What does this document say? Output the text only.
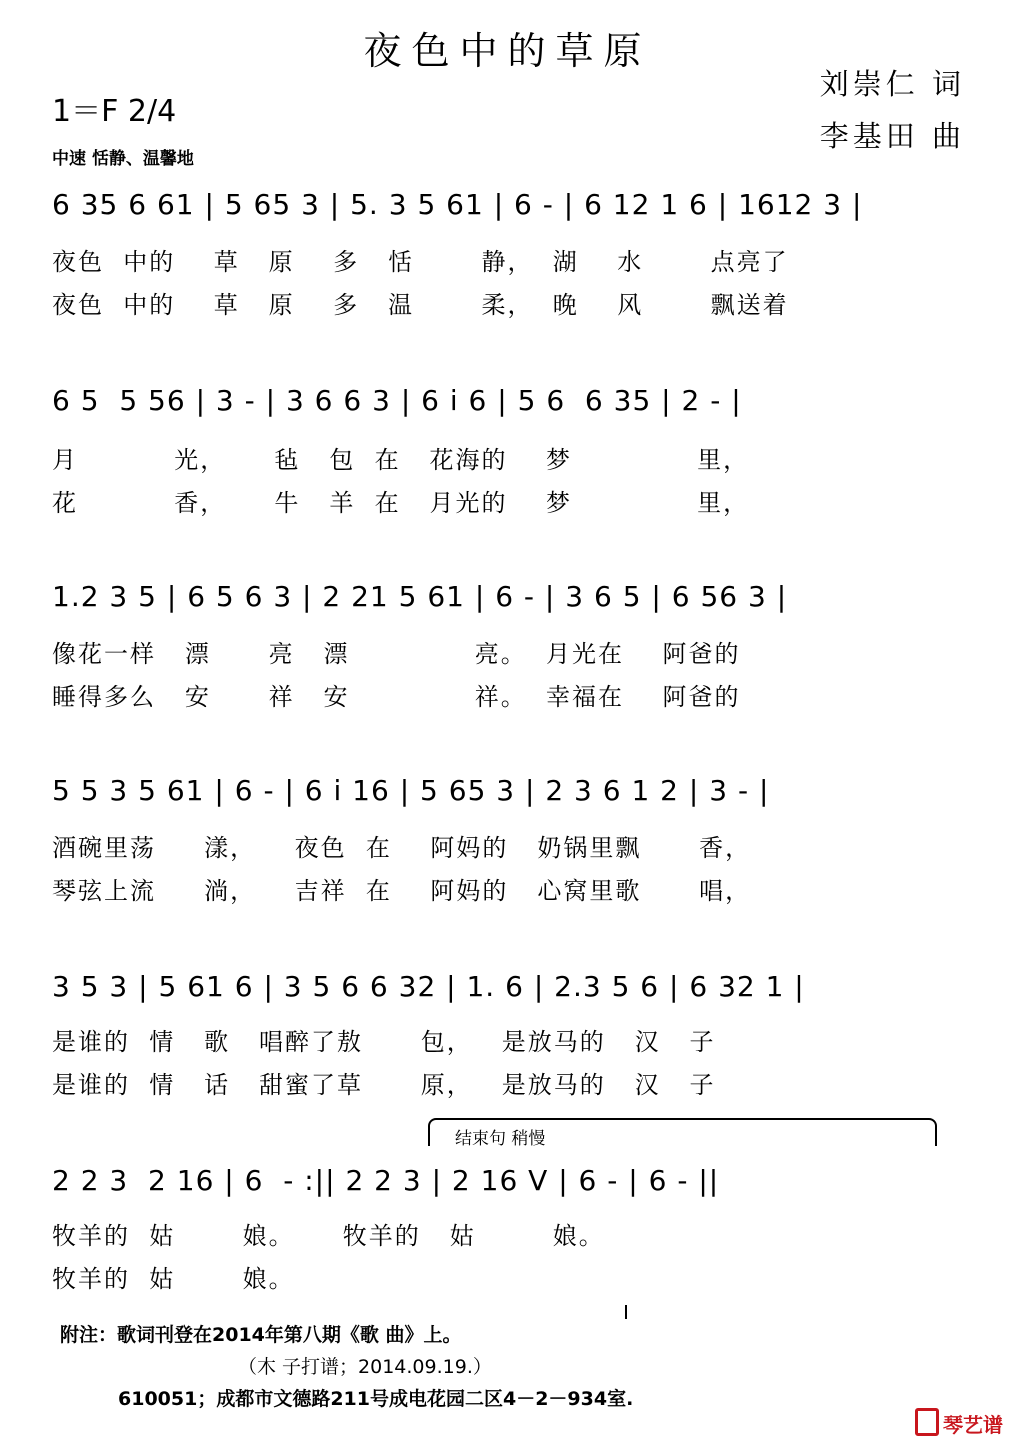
夜色中的草原
1＝F 2/4
中速 恬静、温馨地
刘崇仁 词
李基田 曲
6 35 6 61 | 5 65 3 | 5. 3 5 61 | 6 - | 6 12 1 6 | 1612 3 |
夜色  中的    草   原    多   恬       静，  湖    水       点亮了
夜色  中的    草   原    多   温       柔，  晚    风       飘送着
6 5  5 56 | 3 - | 3 6 6 3 | 6 i 6 | 5 6  6 35 | 2 - |
月          光，     毡   包  在   花海的    梦             里，
花          香，     牛   羊  在   月光的    梦             里，
1.2 3 5 | 6 5 6 3 | 2 21 5 61 | 6 - | 3 6 5 | 6 56 3 |
像花一样   漂      亮   漂             亮。  月光在    阿爸的
睡得多么   安      祥   安             祥。  幸福在    阿爸的
5 5 3 5 61 | 6 - | 6 i 16 | 5 65 3 | 2 3 6 1 2 | 3 - |
酒碗里荡     漾，    夜色  在    阿妈的   奶锅里飘      香，
琴弦上流     淌，    吉祥  在    阿妈的   心窝里歌      唱，
3 5 3 | 5 61 6 | 3 5 6 6 32 | 1. 6 | 2.3 5 6 | 6 32 1 |
是谁的  情   歌   唱醉了敖      包，   是放马的   汉   子
是谁的  情   话   甜蜜了草      原，   是放马的   汉   子
结束句 稍慢
2 2 3  2 16 | 6  - :|| 2 2 3 | 2 16 V | 6 - | 6 - ||
牧羊的  姑       娘。     牧羊的   姑        娘。
牧羊的  姑       娘。
附注：歌词刊登在2014年第八期《歌 曲》上。
（木 子打谱；2014.09.19.）
610051；成都市文德路211号成电花园二区4－2－934室.
琴艺谱
